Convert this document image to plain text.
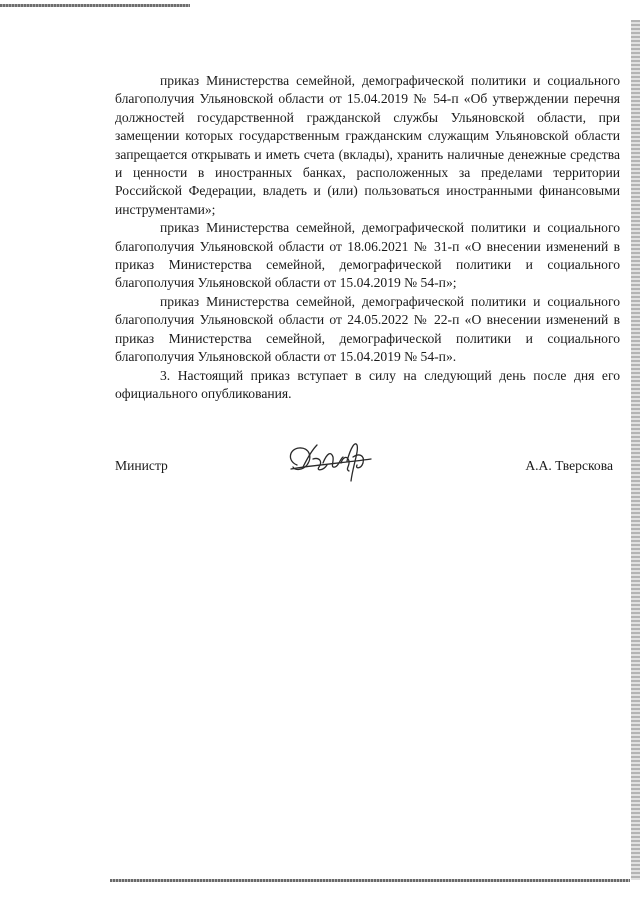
приказ Министерства семейной, демографической политики и социального благополучия Ульяновской области от 15.04.2019 № 54-п «Об утверждении перечня должностей государственной гражданской службы Ульяновской области, при замещении которых государственным гражданским служащим Ульяновской области запрещается открывать и иметь счета (вклады), хранить наличные денежные средства и ценности в иностранных банках, расположенных за пределами территории Российской Федерации, владеть и (или) пользоваться иностранными финансовыми инструментами»;

приказ Министерства семейной, демографической политики и социального благополучия Ульяновской области от 18.06.2021 № 31-п «О внесении изменений в приказ Министерства семейной, демографической политики и социального благополучия Ульяновской области от 15.04.2019 № 54-п»;

приказ Министерства семейной, демографической политики и социального благополучия Ульяновской области от 24.05.2022 № 22-п «О внесении изменений в приказ Министерства семейной, демографической политики и социального благополучия Ульяновской области от 15.04.2019 № 54-п».

3. Настоящий приказ вступает в силу на следующий день после дня его официального опубликования.

Министр	А.А. Тверскова
